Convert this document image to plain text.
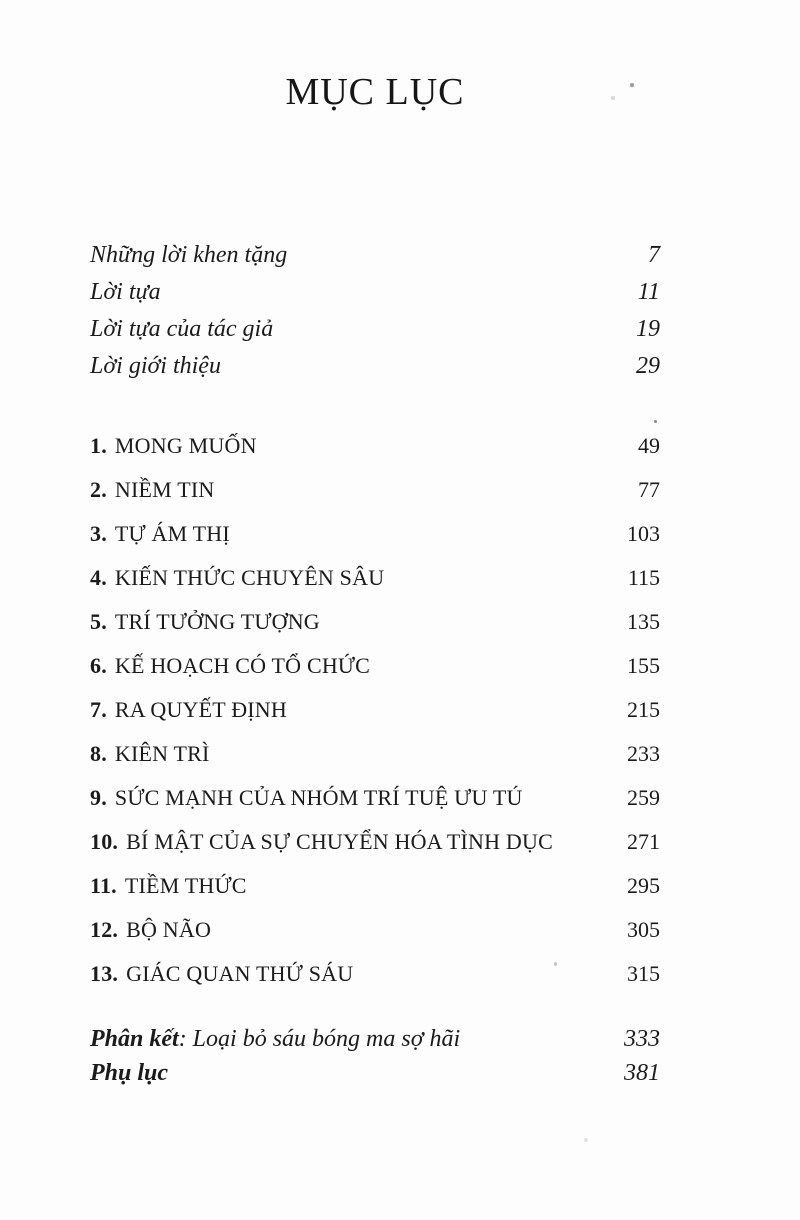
MỤC LỤC
Những lời khen tặng	7
Lời tựa	11
Lời tựa của tác giả	19
Lời giới thiệu	29
1. MONG MUỐN	49
2. NIỀM TIN	77
3. TỰ ÁM THỊ	103
4. KIẾN THỨC CHUYÊN SÂU	115
5. TRÍ TƯỞNG TƯỢNG	135
6. KẾ HOẠCH CÓ TỔ CHỨC	155
7. RA QUYẾT ĐỊNH	215
8. KIÊN TRÌ	233
9. SỨC MẠNH CỦA NHÓM TRÍ TUỆ ƯU TÚ	259
10. BÍ MẬT CỦA SỰ CHUYỂN HÓA TÌNH DỤC	271
11. TIỀM THỨC	295
12. BỘ NÃO	305
13. GIÁC QUAN THỨ SÁU	315
Phân kết: Loại bỏ sáu bóng ma sợ hãi	333
Phụ lục	381
